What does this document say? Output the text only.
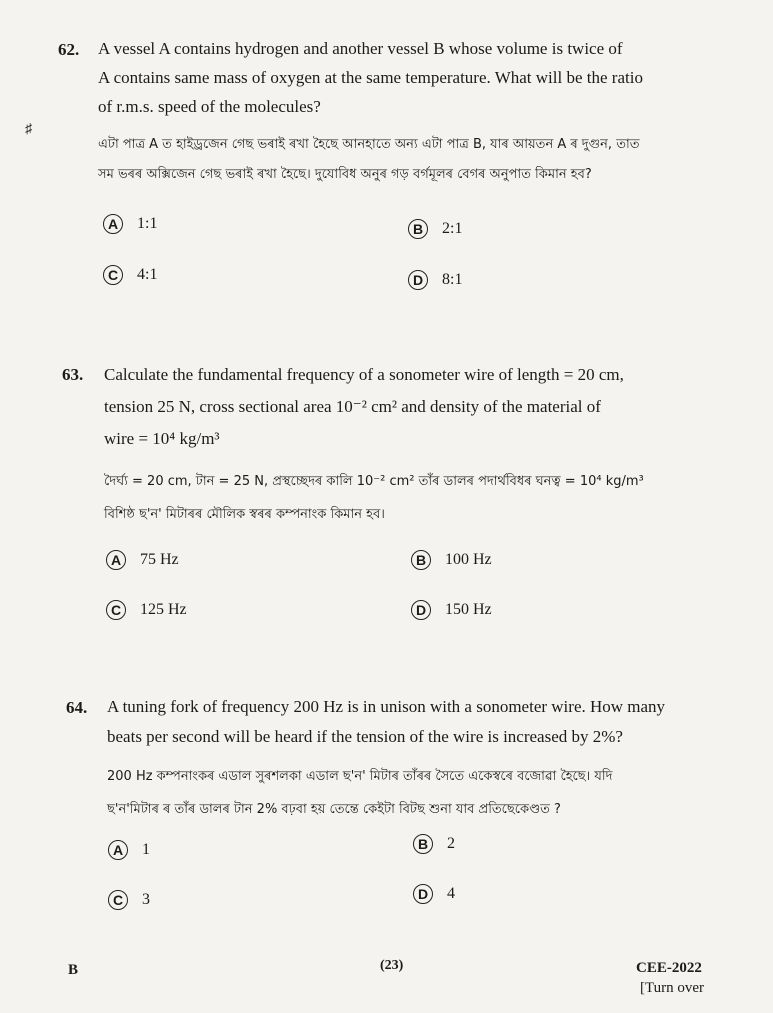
♯
62. A vessel A contains hydrogen and another vessel B whose volume is twice of

A contains same mass of oxygen at the same temperature. What will be the ratio

of r.m.s. speed of the molecules?

এটা পাত্ৰ A ত হাইড্ৰজেন গেছ ভৰাই ৰখা হৈছে আনহাতে অন্য এটা পাত্ৰ B, যাৰ আয়তন A ৰ দুগুন, তাত

সম ভৰৰ অক্সিজেন গেছ ভৰাই ৰখা হৈছে। দুযোবিধ অনুৰ গড় বৰ্গমূলৰ বেগৰ অনুপাত কিমান হব?

A	1:1	B	2:1
C	4:1	D	8:1
63. Calculate the fundamental frequency of a sonometer wire of length = 20 cm,

tension 25 N, cross sectional area 10⁻² cm² and density of the material of

wire = 10⁴ kg/m³

দৈৰ্ঘ্য = 20 cm, টান = 25 N, প্ৰস্থচ্ছেদৰ কালি 10⁻² cm² তাঁৰ ডালৰ পদাৰ্থবিধৰ ঘনত্ব = 10⁴ kg/m³

বিশিষ্ঠ ছ'ন' মিটাৰৰ মৌলিক স্বৰৰ কম্পনাংক কিমান হব।

A	75 Hz	B	100 Hz
C	125 Hz	D	150 Hz
64. A tuning fork of frequency 200 Hz is in unison with a sonometer wire. How many

beats per second will be heard if the tension of the wire is increased by 2%?

200 Hz কম্পনাংকৰ এডাল সুৰশলকা এডাল ছ'ন' মিটাৰ তাঁৰৰ সৈতে একেস্বৰে বজোৱা হৈছে। যদি

ছ'ন'মিটাৰ ৰ তাঁৰ ডালৰ টান 2% বঢ়বা হয় তেন্তে কেইটা বিটছ শুনা যাব প্ৰতিছেকেণ্ডত ?

A	1	B	2
C	3	D	4
B	(23)	CEE-2022
[Turn over
